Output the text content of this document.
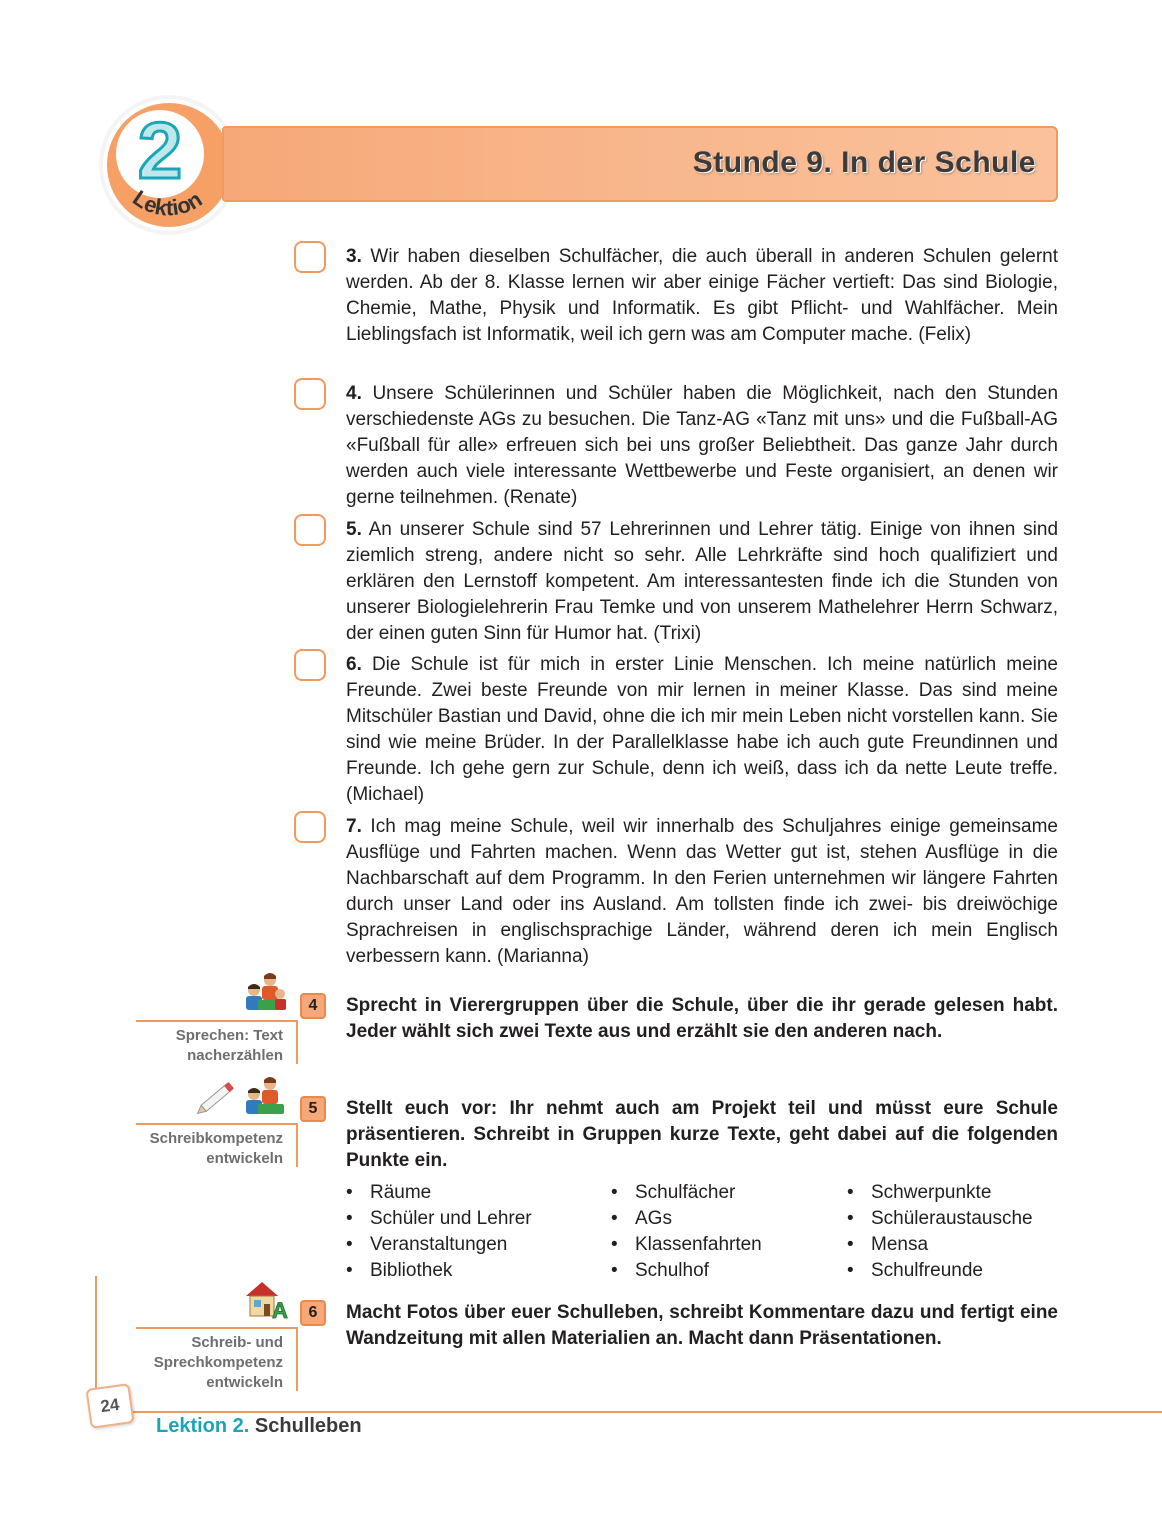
2
Lektion
Stunde 9. In der Schule
3. Wir haben dieselben Schulfächer, die auch überall in anderen Schulen gelernt werden. Ab der 8. Klasse lernen wir aber einige Fächer vertieft: Das sind Biologie, Chemie, Mathe, Physik und Informatik. Es gibt Pflicht- und Wahlfächer. Mein Lieblingsfach ist Informatik, weil ich gern was am Computer mache. (Felix)
4. Unsere Schülerinnen und Schüler haben die Möglichkeit, nach den Stunden verschiedenste AGs zu besuchen. Die Tanz-AG «Tanz mit uns» und die Fußball-AG «Fußball für alle» erfreuen sich bei uns großer Beliebtheit. Das ganze Jahr durch werden auch viele interessante Wettbewerbe und Feste organisiert, an denen wir gerne teilnehmen. (Renate)
5. An unserer Schule sind 57 Lehrerinnen und Lehrer tätig. Einige von ihnen sind ziemlich streng, andere nicht so sehr. Alle Lehrkräfte sind hoch qualifiziert und erklären den Lernstoff kompetent. Am interessantesten finde ich die Stunden von unserer Biologielehrerin Frau Temke und von unserem Mathelehrer Herrn Schwarz, der einen guten Sinn für Humor hat. (Trixi)
6. Die Schule ist für mich in erster Linie Menschen. Ich meine natürlich meine Freunde. Zwei beste Freunde von mir lernen in meiner Klasse. Das sind meine Mitschüler Bastian und David, ohne die ich mir mein Leben nicht vorstellen kann. Sie sind wie meine Brüder. In der Parallelklasse habe ich auch gute Freundinnen und Freunde. Ich gehe gern zur Schule, denn ich weiß, dass ich da nette Leute treffe. (Michael)
7. Ich mag meine Schule, weil wir innerhalb des Schuljahres einige gemeinsame Ausflüge und Fahrten machen. Wenn das Wetter gut ist, stehen Ausflüge in die Nachbarschaft auf dem Programm. In den Ferien unternehmen wir längere Fahrten durch unser Land oder ins Ausland. Am tollsten finde ich zwei- bis dreiwöchige Sprachreisen in englischsprachige Länder, während deren ich mein Englisch verbessern kann. (Marianna)
4
Sprechen: Text
nacherzählen
Sprecht in Vierergruppen über die Schule, über die ihr gerade gelesen habt. Jeder wählt sich zwei Texte aus und erzählt sie den anderen nach.
5
Schreibkompetenz
entwickeln
Stellt euch vor: Ihr nehmt auch am Projekt teil und müsst eure Schule präsentieren. Schreibt in Gruppen kurze Texte, geht dabei auf die folgenden Punkte ein.
• Räume
• Schüler und Lehrer
• Veranstaltungen
• Bibliothek
• Schulfächer
• AGs
• Klassenfahrten
• Schulhof
• Schwerpunkte
• Schüleraustausche
• Mensa
• Schulfreunde
A	6
Schreib- und
Sprechkompetenz
entwickeln
Macht Fotos über euer Schulleben, schreibt Kommentare dazu und fertigt eine Wandzeitung mit allen Materialien an. Macht dann Präsentationen.
24
Lektion 2. Schulleben
